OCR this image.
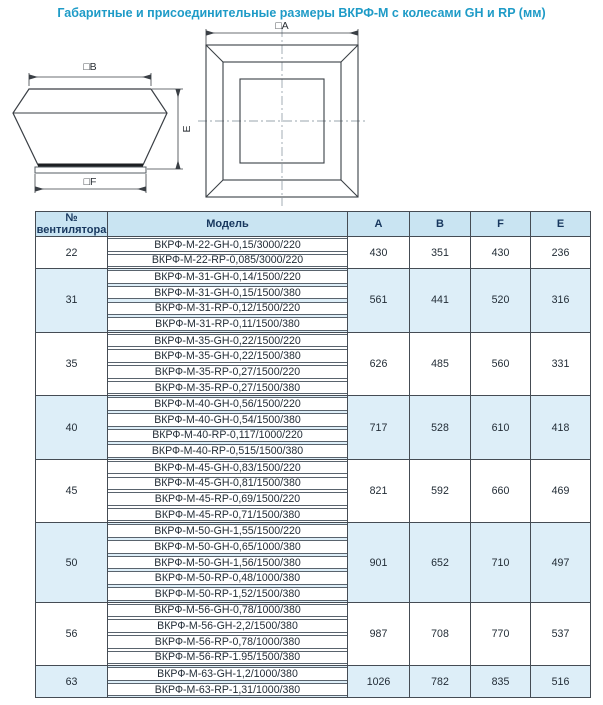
Габаритные и присоединительные размеры ВКРФ-М с колесами GH и RP (мм)
□B
□F
E
□A
№ вентилятора	Модель	A	B	F	E
22	ВКРФ-М-22-GH-0,15/3000/220	430	351	430	236

ВКРФ-М-22-RP-0,085/3000/220				

31	ВКРФ-М-31-GH-0,14/1500/220	561	441	520	316

ВКРФ-М-31-GH-0,15/1500/380				

ВКРФ-М-31-RP-0,12/1500/220				

ВКРФ-М-31-RP-0,11/1500/380				

35	ВКРФ-М-35-GH-0,22/1500/220	626	485	560	331

ВКРФ-М-35-GH-0,22/1500/380				

ВКРФ-М-35-RP-0,27/1500/220				

ВКРФ-М-35-RP-0,27/1500/380				

40	ВКРФ-М-40-GH-0,56/1500/220	717	528	610	418

ВКРФ-М-40-GH-0,54/1500/380				

ВКРФ-М-40-RP-0,117/1000/220				

ВКРФ-М-40-RP-0,515/1500/380				

45	ВКРФ-М-45-GH-0,83/1500/220	821	592	660	469

ВКРФ-М-45-GH-0,81/1500/380				

ВКРФ-М-45-RP-0,69/1500/220				

ВКРФ-М-45-RP-0,71/1500/380				

50	ВКРФ-М-50-GH-1,55/1500/220	901	652	710	497

ВКРФ-М-50-GH-0,65/1000/380				

ВКРФ-М-50-GH-1,56/1500/380				

ВКРФ-М-50-RP-0,48/1000/380				

ВКРФ-М-50-RP-1,52/1500/380				

56	ВКРФ-М-56-GH-0,78/1000/380	987	708	770	537

ВКРФ-М-56-GH-2,2/1500/380				

ВКРФ-М-56-RP-0,78/1000/380				

ВКРФ-М-56-RP-1.95/1500/380				

63	ВКРФ-М-63-GH-1,2/1000/380	1026	782	835	516

ВКРФ-М-63-RP-1,31/1000/380				
